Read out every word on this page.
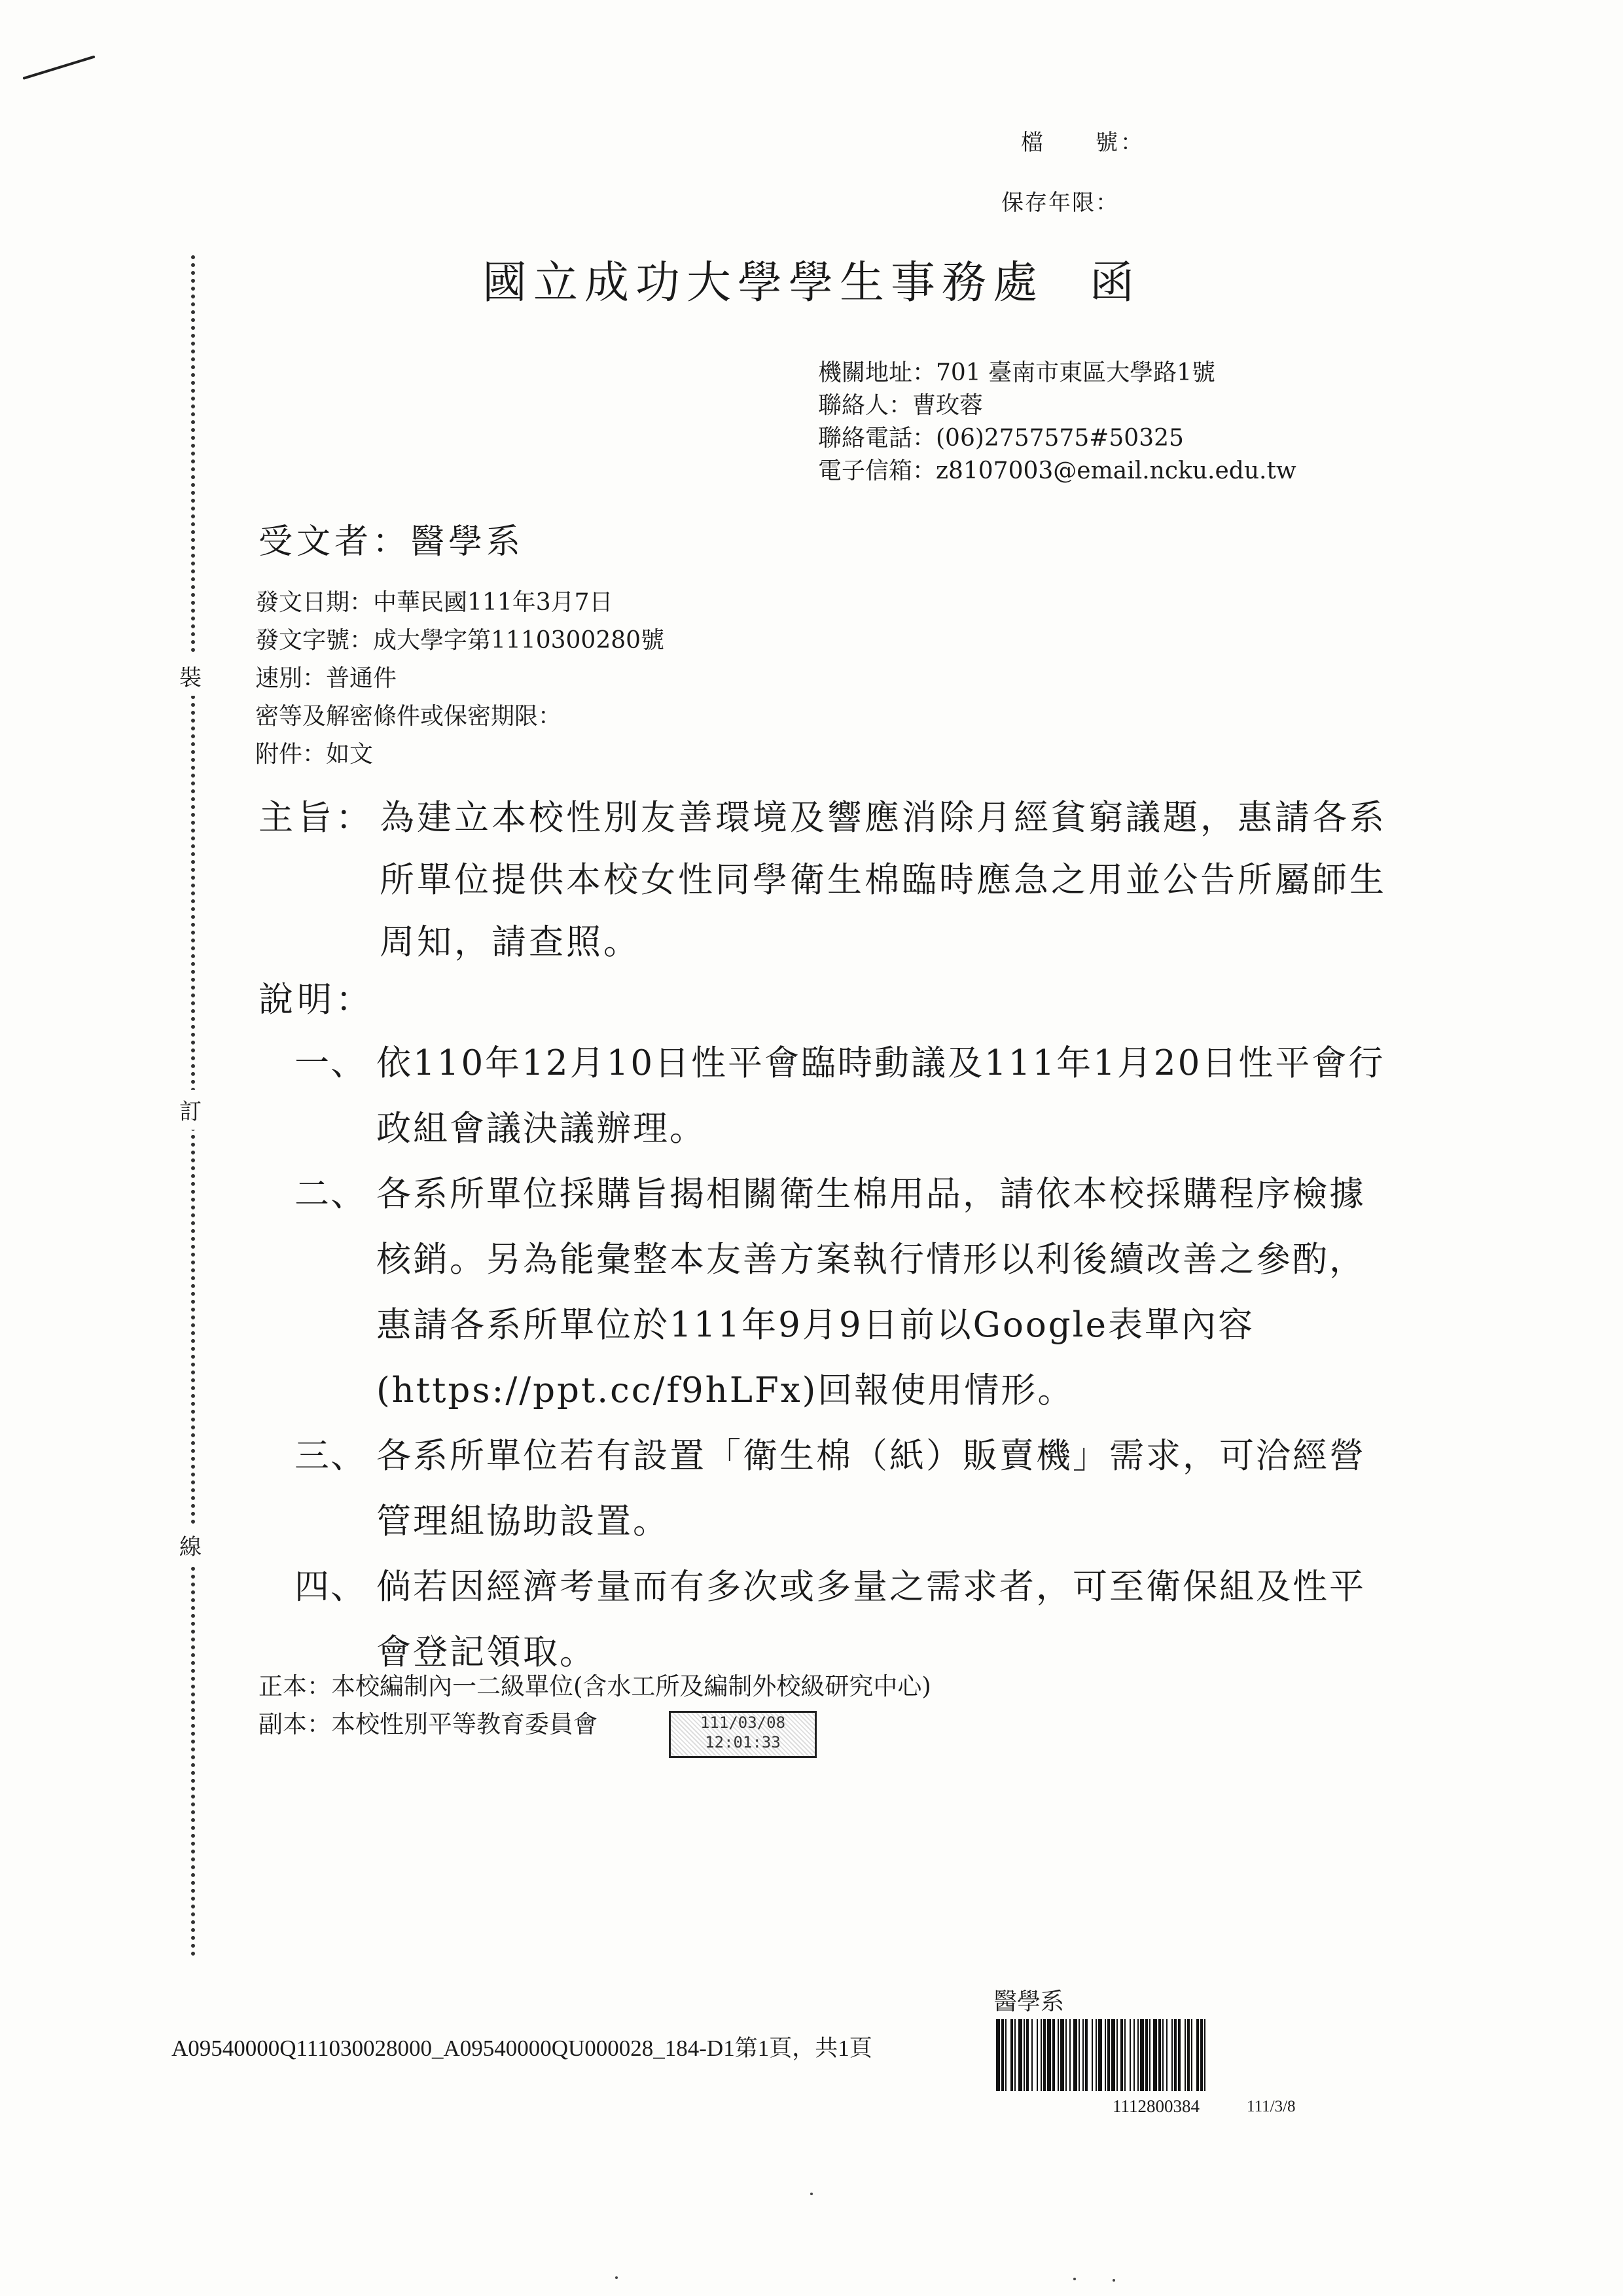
檔　　號：
保存年限：
國立成功大學學生事務處 函
機關地址：701 臺南市東區大學路1號
聯絡人：曹玫蓉
聯絡電話：(06)2757575#50325
電子信箱：z8107003@email.ncku.edu.tw
受文者：醫學系
發文日期：中華民國111年3月7日
發文字號：成大學字第1110300280號
速別：普通件
密等及解密條件或保密期限：
附件：如文
主旨： 為建立本校性別友善環境及響應消除月經貧窮議題，惠請各系所單位提供本校女性同學衛生棉臨時應急之用並公告所屬師生周知，請查照。
說明：
一、 依110年12月10日性平會臨時動議及111年1月20日性平會行政組會議決議辦理。
二、 各系所單位採購旨揭相關衛生棉用品，請依本校採購程序檢據核銷。另為能彙整本友善方案執行情形以利後續改善之參酌，惠請各系所單位於111年9月9日前以Google表單內容(https://ppt.cc/f9hLFx)回報使用情形。
三、 各系所單位若有設置「衛生棉（紙）販賣機」需求，可洽經營管理組協助設置。
四、 倘若因經濟考量而有多次或多量之需求者，可至衛保組及性平會登記領取。
正本：本校編制內一二級單位(含水工所及編制外校級研究中心)
副本：本校性別平等教育委員會	111/03/08
12:01:33
裝
訂
線
A09540000Q111030028000_A09540000QU000028_184-D1第1頁，共1頁
醫學系
1112800384	111/3/8
